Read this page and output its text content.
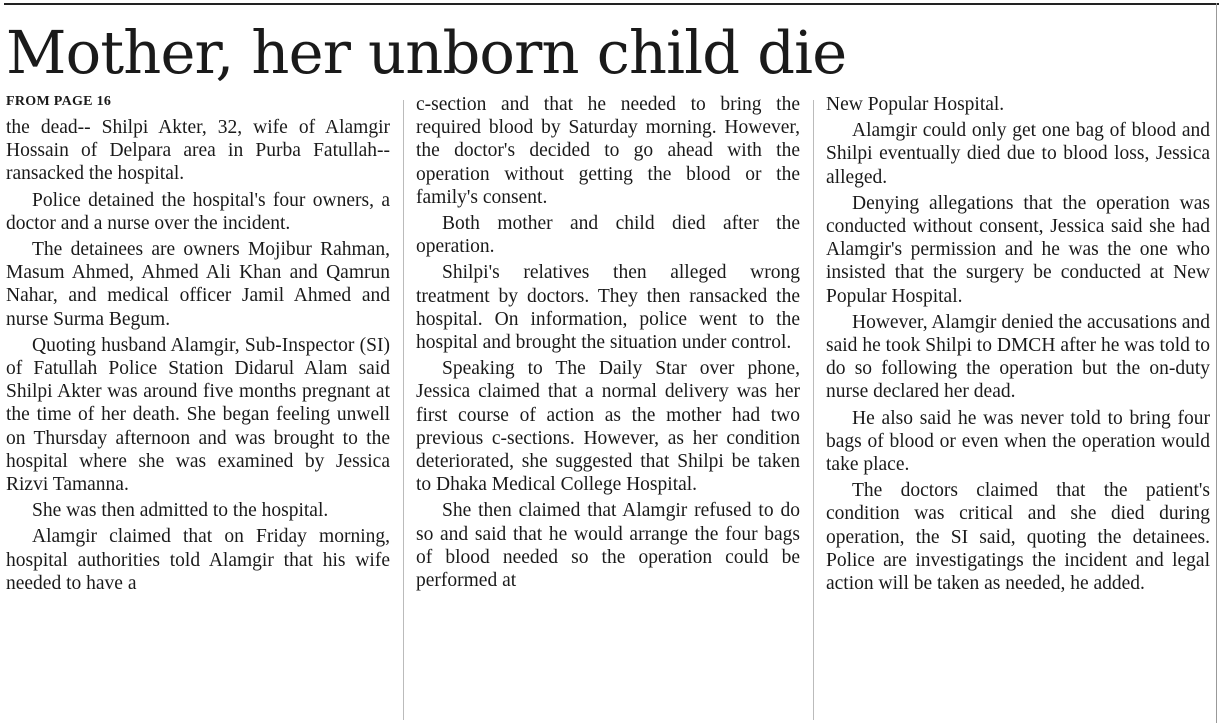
Mother, her unborn child die
FROM PAGE 16

the dead-- Shilpi Akter, 32, wife of Alamgir Hossain of Delpara area in Purba Fatullah-- ransacked the hospital.

Police detained the hospital's four owners, a doctor and a nurse over the incident.

The detainees are owners Mojibur Rahman, Masum Ahmed, Ahmed Ali Khan and Qamrun Nahar, and medical officer Jamil Ahmed and nurse Surma Begum.

Quoting husband Alamgir, Sub-Inspector (SI) of Fatullah Police Station Didarul Alam said Shilpi Akter was around five months pregnant at the time of her death. She began feeling unwell on Thursday afternoon and was brought to the hospital where she was examined by Jessica Rizvi Tamanna.

She was then admitted to the hospital.

Alamgir claimed that on Friday morning, hospital authorities told Alamgir that his wife needed to have a

c-section and that he needed to bring the required blood by Saturday morning. However, the doctor's decided to go ahead with the operation without getting the blood or the family's consent.

Both mother and child died after the operation.

Shilpi's relatives then alleged wrong treatment by doctors. They then ransacked the hospital. On information, police went to the hospital and brought the situation under control.

Speaking to The Daily Star over phone, Jessica claimed that a normal delivery was her first course of action as the mother had two previous c-sections. However, as her condition deteriorated, she suggested that Shilpi be taken to Dhaka Medical College Hospital.

She then claimed that Alamgir refused to do so and said that he would arrange the four bags of blood needed so the operation could be performed at

New Popular Hospital.

Alamgir could only get one bag of blood and Shilpi eventually died due to blood loss, Jessica alleged.

Denying allegations that the operation was conducted without consent, Jessica said she had Alamgir's permission and he was the one who insisted that the surgery be conducted at New Popular Hospital.

However, Alamgir denied the accusations and said he took Shilpi to DMCH after he was told to do so following the operation but the on-duty nurse declared her dead.

He also said he was never told to bring four bags of blood or even when the operation would take place.

The doctors claimed that the patient's condition was critical and she died during operation, the SI said, quoting the detainees. Police are investigatings the incident and legal action will be taken as needed, he added.
